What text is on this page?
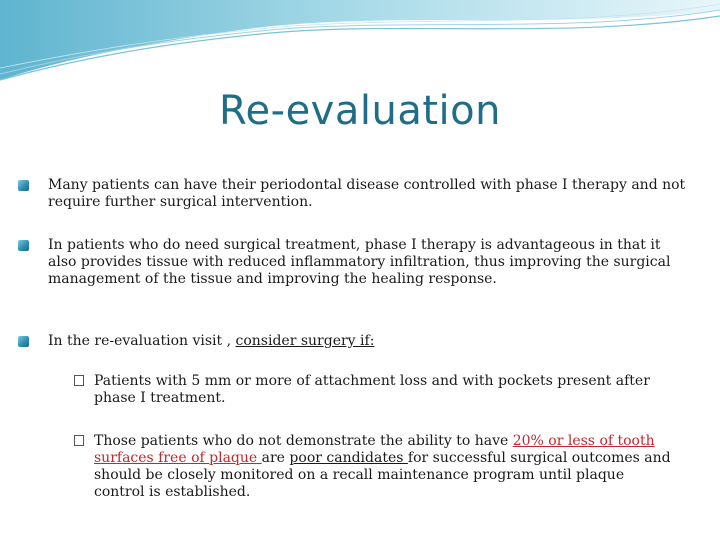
Re-evaluation
Many patients can have their periodontal disease controlled with phase I therapy and not require further surgical intervention.
In patients who do need surgical treatment, phase I therapy is advantageous in that it also provides tissue with reduced inflammatory infiltration, thus improving the surgical management of the tissue and improving the healing response.
In the re-evaluation visit , consider surgery if:
Patients with 5 mm or more of attachment loss and with pockets present after phase I treatment.
Those patients who do not demonstrate the ability to have 20% or less of tooth surfaces free of plaque are poor candidates for successful surgical outcomes and should be closely monitored on a recall maintenance program until plaque control is established.
